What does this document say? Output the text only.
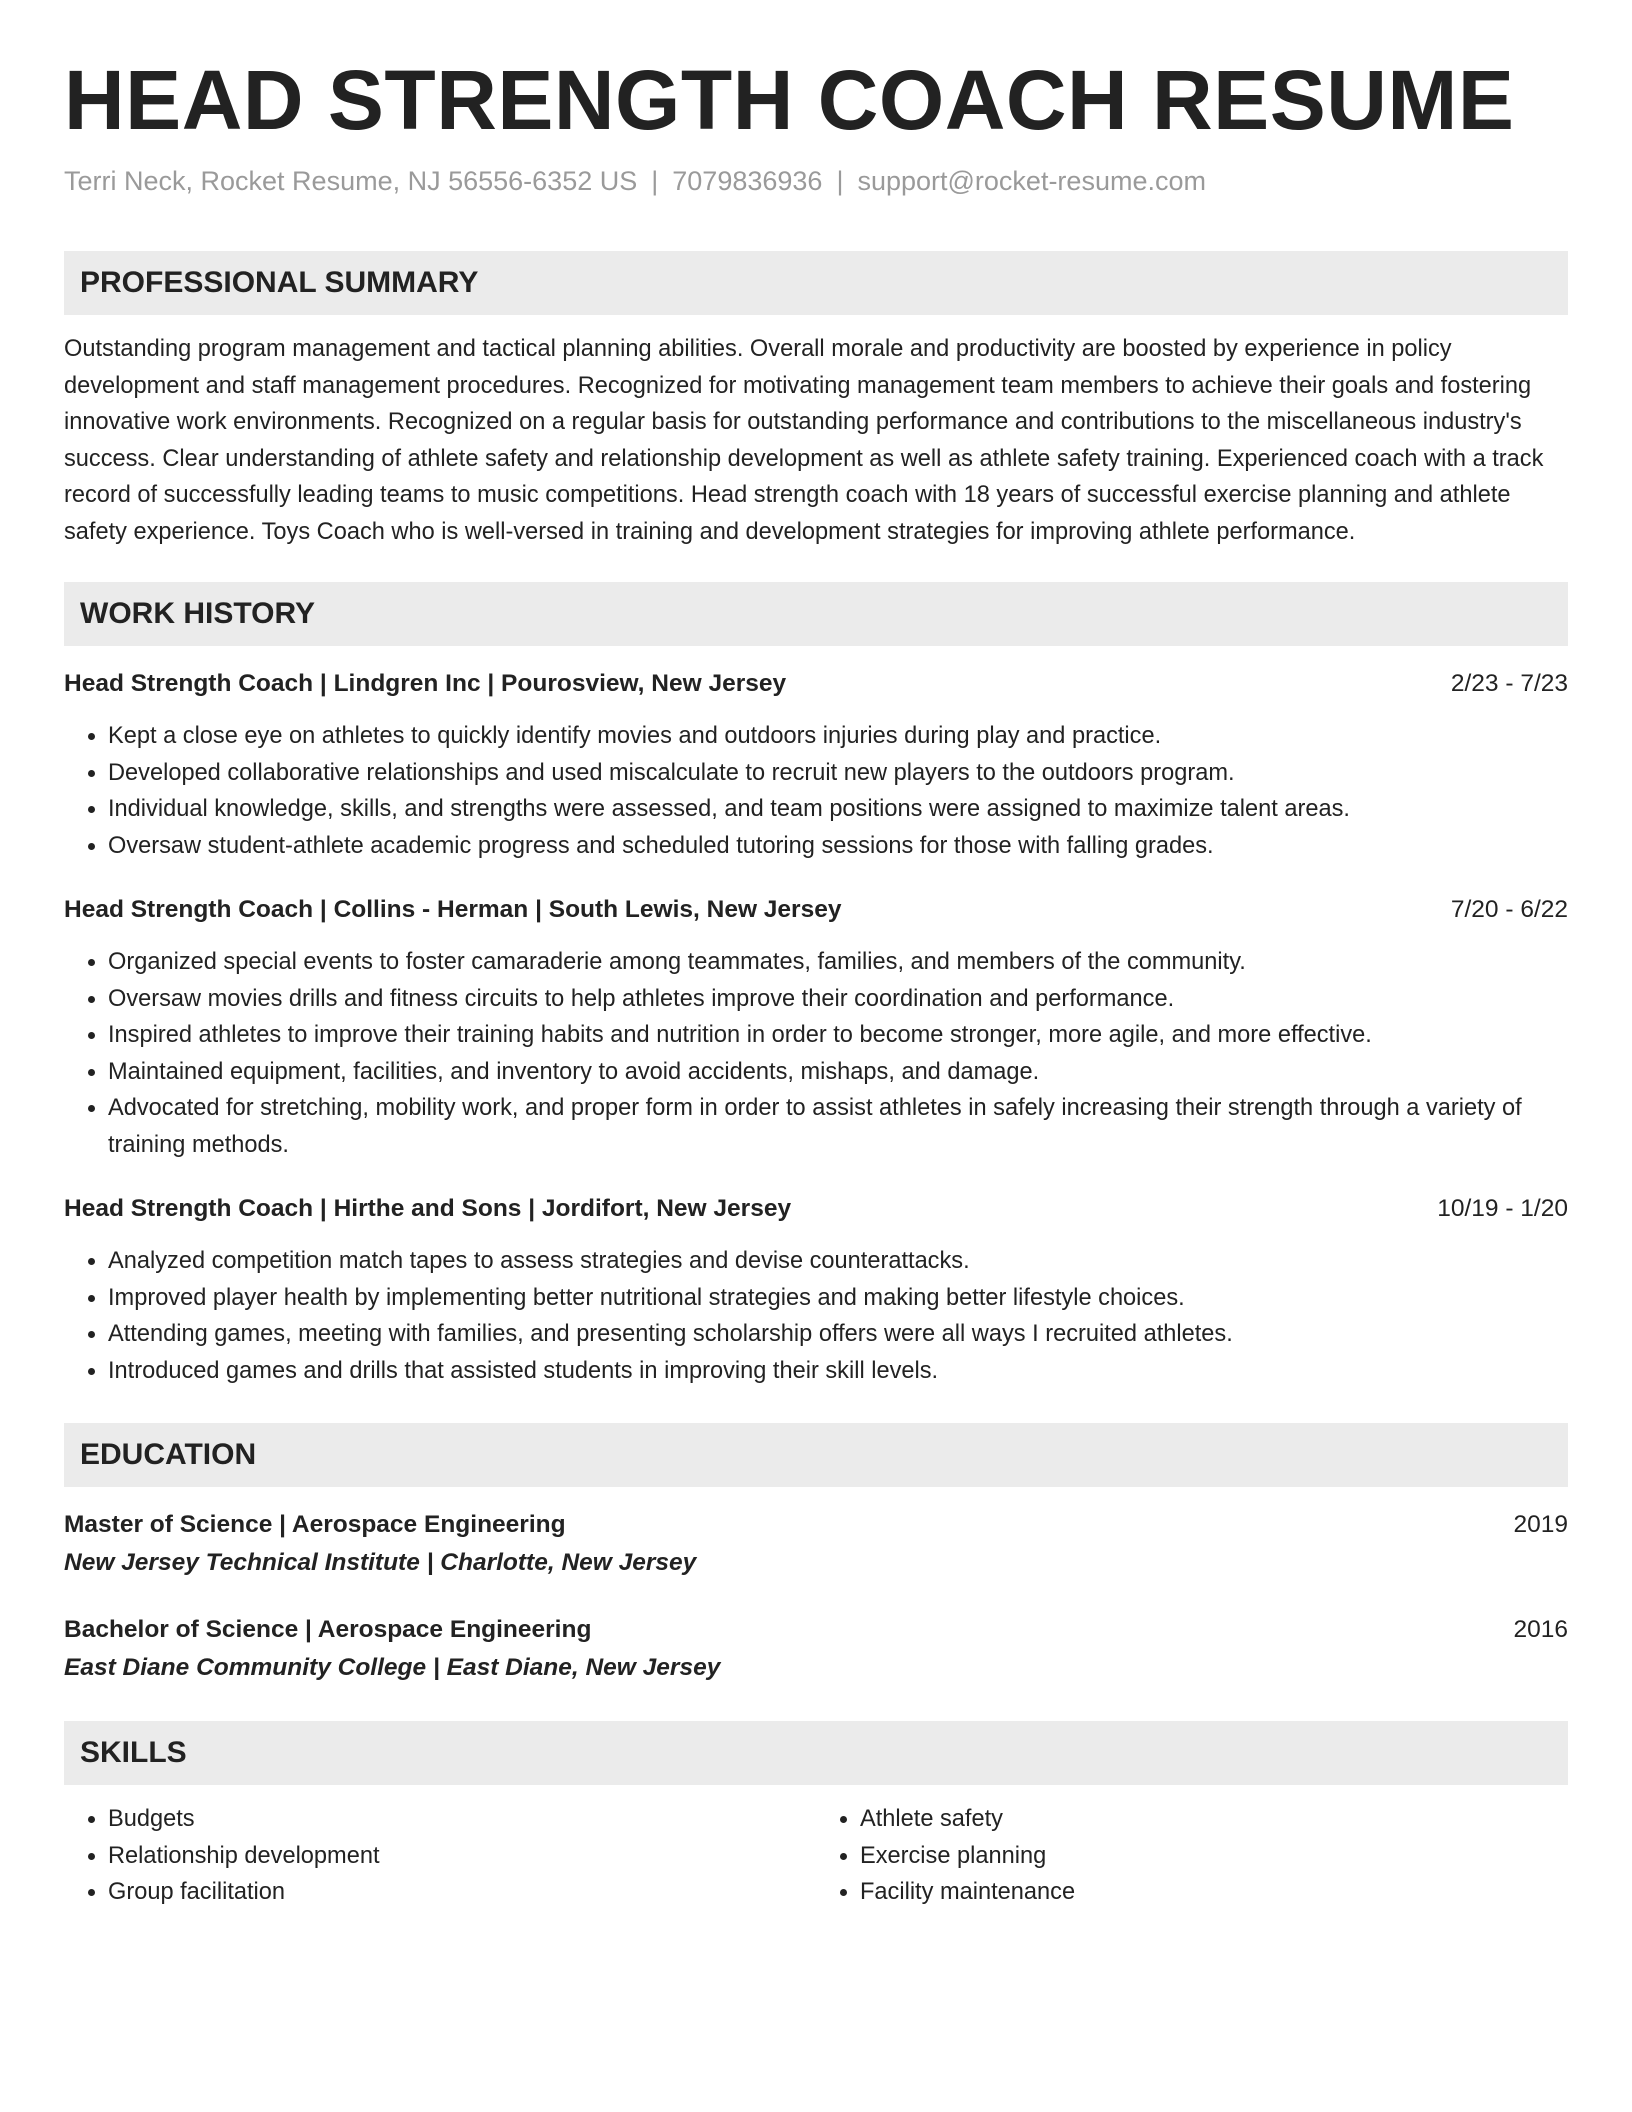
HEAD STRENGTH COACH RESUME
Terri Neck, Rocket Resume, NJ 56556-6352 US | 7079836936 | support@rocket-resume.com
PROFESSIONAL SUMMARY
Outstanding program management and tactical planning abilities. Overall morale and productivity are boosted by experience in policy development and staff management procedures. Recognized for motivating management team members to achieve their goals and fostering innovative work environments. Recognized on a regular basis for outstanding performance and contributions to the miscellaneous industry's success. Clear understanding of athlete safety and relationship development as well as athlete safety training. Experienced coach with a track record of successfully leading teams to music competitions. Head strength coach with 18 years of successful exercise planning and athlete safety experience. Toys Coach who is well-versed in training and development strategies for improving athlete performance.
WORK HISTORY
Head Strength Coach | Lindgren Inc | Pourosview, New Jersey	2/23 - 7/23
• Kept a close eye on athletes to quickly identify movies and outdoors injuries during play and practice.
• Developed collaborative relationships and used miscalculate to recruit new players to the outdoors program.
• Individual knowledge, skills, and strengths were assessed, and team positions were assigned to maximize talent areas.
• Oversaw student-athlete academic progress and scheduled tutoring sessions for those with falling grades.
Head Strength Coach | Collins - Herman | South Lewis, New Jersey	7/20 - 6/22
• Organized special events to foster camaraderie among teammates, families, and members of the community.
• Oversaw movies drills and fitness circuits to help athletes improve their coordination and performance.
• Inspired athletes to improve their training habits and nutrition in order to become stronger, more agile, and more effective.
• Maintained equipment, facilities, and inventory to avoid accidents, mishaps, and damage.
• Advocated for stretching, mobility work, and proper form in order to assist athletes in safely increasing their strength through a variety of training methods.
Head Strength Coach | Hirthe and Sons | Jordifort, New Jersey	10/19 - 1/20
• Analyzed competition match tapes to assess strategies and devise counterattacks.
• Improved player health by implementing better nutritional strategies and making better lifestyle choices.
• Attending games, meeting with families, and presenting scholarship offers were all ways I recruited athletes.
• Introduced games and drills that assisted students in improving their skill levels.
EDUCATION
Master of Science | Aerospace Engineering	2019
New Jersey Technical Institute | Charlotte, New Jersey
Bachelor of Science | Aerospace Engineering	2016
East Diane Community College | East Diane, New Jersey
SKILLS
• Budgets
• Relationship development
• Group facilitation
• Athlete safety
• Exercise planning
• Facility maintenance
